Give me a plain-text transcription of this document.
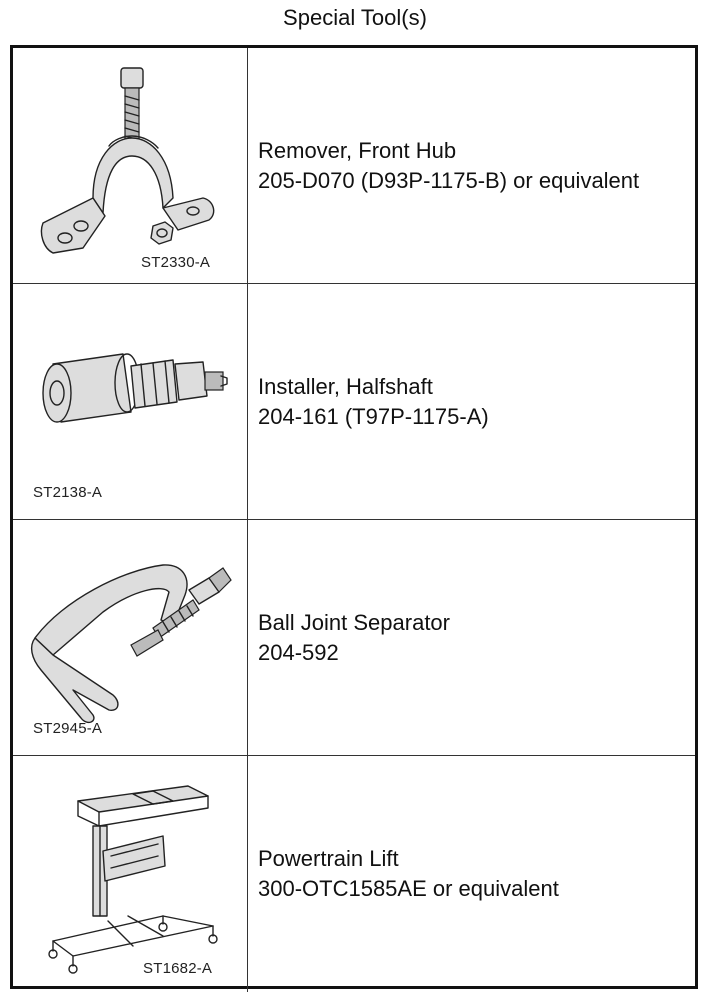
Special Tool(s)
ST2330-A
Remover, Front Hub
205-D070 (D93P-1175-B) or equivalent
ST2138-A
Installer, Halfshaft
204-161 (T97P-1175-A)
ST2945-A
Ball Joint Separator
204-592
ST1682-A
Powertrain Lift
300-OTC1585AE or equivalent
